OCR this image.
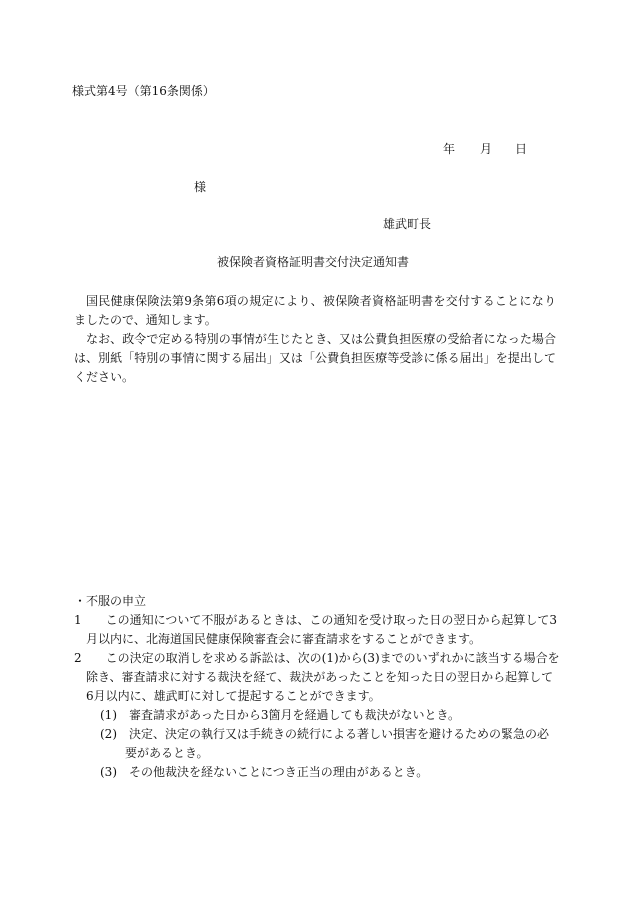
様式第4号（第16条関係）
年 月 日
様
雄武町長
被保険者資格証明書交付決定通知書

国民健康保険法第9条第6項の規定により、被保険者資格証明書を交付することになりましたので、通知します。

なお、政令で定める特別の事情が生じたとき、又は公費負担医療の受給者になった場合は、別紙「特別の事情に関する届出」又は「公費負担医療等受診に係る届出」を提出してください。

・不服の申立
1　　 この通知について不服があるときは、この通知を受け取った日の翌日から起算して3月以内に、北海道国民健康保険審査会に審査請求をすることができます。
2　　 この決定の取消しを求める訴訟は、次の(1)から(3)までのいずれかに該当する場合を除き、審査請求に対する裁決を経て、裁決があったことを知った日の翌日から起算して6月以内に、雄武町に対して提起することができます。
(1)　 審査請求があった日から3箇月を経過しても裁決がないとき。
(2)　 決定、決定の執行又は手続きの続行による著しい損害を避けるための緊急の必要があるとき。
(3)　 その他裁決を経ないことにつき正当の理由があるとき。
